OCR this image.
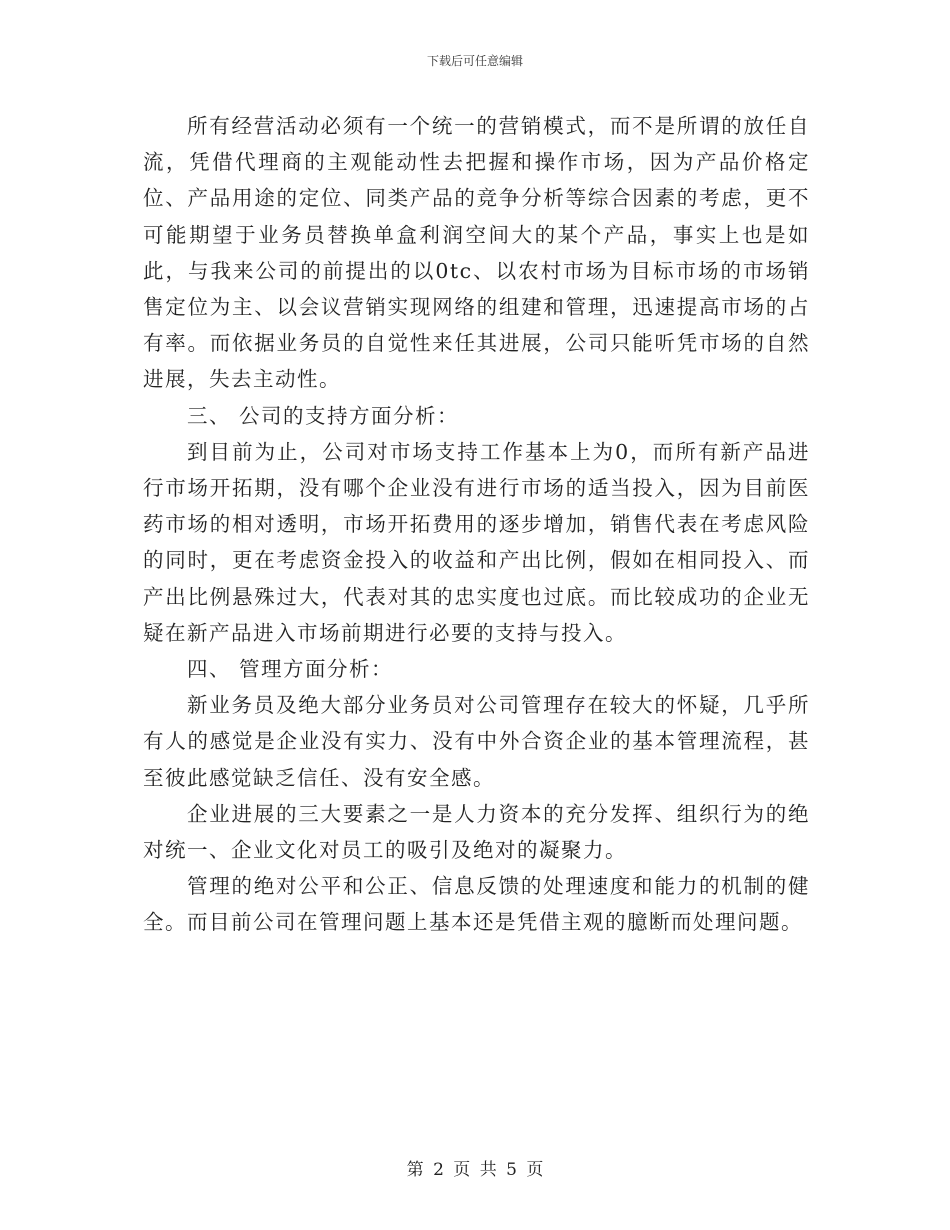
下载后可任意编辑

所有经营活动必须有一个统一的营销模式，而不是所谓的放任自流，凭借代理商的主观能动性去把握和操作市场，因为产品价格定位、产品用途的定位、同类产品的竞争分析等综合因素的考虑，更不可能期望于业务员替换单盒利润空间大的某个产品，事实上也是如此，与我来公司的前提出的以0tc、以农村市场为目标市场的市场销售定位为主、以会议营销实现网络的组建和管理，迅速提高市场的占有率。而依据业务员的自觉性来任其进展，公司只能听凭市场的自然进展，失去主动性。

三、 公司的支持方面分析：

到目前为止，公司对市场支持工作基本上为0，而所有新产品进行市场开拓期，没有哪个企业没有进行市场的适当投入，因为目前医药市场的相对透明，市场开拓费用的逐步增加，销售代表在考虑风险的同时，更在考虑资金投入的收益和产出比例，假如在相同投入、而产出比例悬殊过大，代表对其的忠实度也过底。而比较成功的企业无疑在新产品进入市场前期进行必要的支持与投入。

四、 管理方面分析：

新业务员及绝大部分业务员对公司管理存在较大的怀疑，几乎所有人的感觉是企业没有实力、没有中外合资企业的基本管理流程，甚至彼此感觉缺乏信任、没有安全感。

企业进展的三大要素之一是人力资本的充分发挥、组织行为的绝对统一、企业文化对员工的吸引及绝对的凝聚力。

管理的绝对公平和公正、信息反馈的处理速度和能力的机制的健全。而目前公司在管理问题上基本还是凭借主观的臆断而处理问题。

第 2 页 共 5 页
